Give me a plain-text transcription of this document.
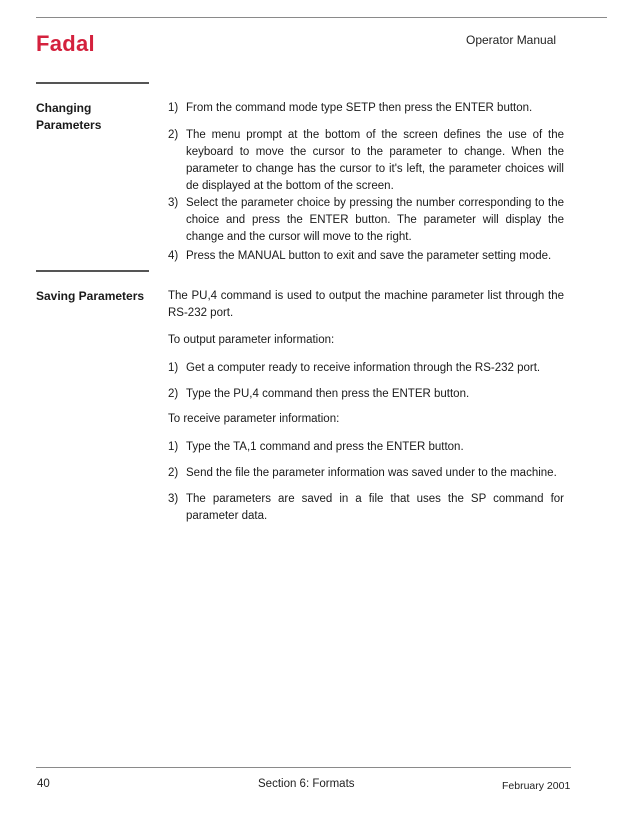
Fadal	Operator Manual
Changing
Parameters
1) From the command mode type SETP then press the ENTER button.
2) The menu prompt at the bottom of the screen defines the use of the keyboard to move the cursor to the parameter to change. When the parameter to change has the cursor to it's left, the parameter choices will de displayed at the bottom of the screen.
3) Select the parameter choice by pressing the number corresponding to the choice and press the ENTER button. The parameter will display the change and the cursor will move to the right.
4) Press the MANUAL button to exit and save the parameter setting mode.
Saving Parameters The PU,4 command is used to output the machine parameter list through the RS-232 port.

To output parameter information:

1) Get a computer ready to receive information through the RS-232 port.
2) Type the PU,4 command then press the ENTER button.

To receive parameter information:

1) Type the TA,1 command and press the ENTER button.
2) Send the file the parameter information was saved under to the machine.
3) The parameters are saved in a file that uses the SP command for parameter data.
40	Section 6: Formats	February 2001
